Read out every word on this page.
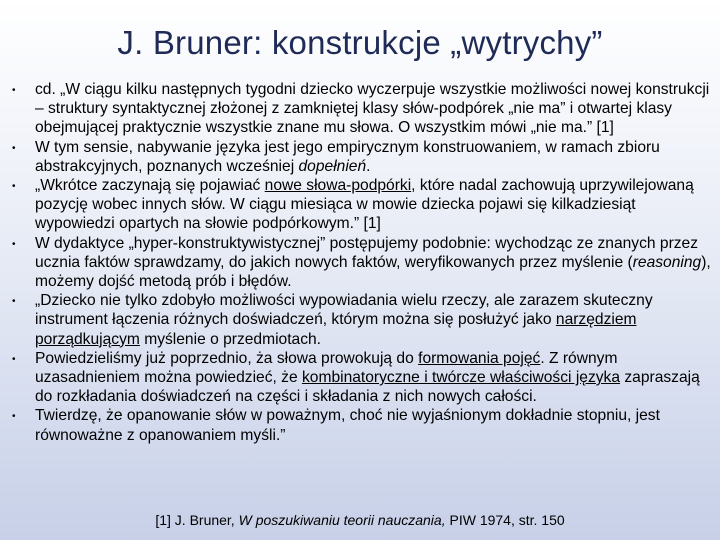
J. Bruner: konstrukcje „wytrychy”
• cd. „W ciągu kilku następnych tygodni dziecko wyczerpuje wszystkie możliwości nowej konstrukcji – struktury syntaktycznej złożonej z zamkniętej klasy słów-podpórek „nie ma” i otwartej klasy obejmującej praktycznie wszystkie znane mu słowa. O wszystkim mówi „nie ma.” [1]
• W tym sensie, nabywanie języka jest jego empirycznym konstruowaniem, w ramach zbioru abstrakcyjnych, poznanych wcześniej dopełnień.
• „Wkrótce zaczynają się pojawiać nowe słowa-podpórki, które nadal zachowują uprzywilejowaną pozycję wobec innych słów. W ciągu miesiąca w mowie dziecka pojawi się kilkadziesiąt wypowiedzi opartych na słowie podpórkowym.” [1]
• W dydaktyce „hyper-konstruktywistycznej” postępujemy podobnie: wychodząc ze znanych przez ucznia faktów sprawdzamy, do jakich nowych faktów, weryfikowanych przez myślenie (reasoning), możemy dojść metodą prób i błędów.
• „Dziecko nie tylko zdobyło możliwości wypowiadania wielu rzeczy, ale zarazem skuteczny instrument łączenia różnych doświadczeń, którym można się posłużyć jako narzędziem porządkującym myślenie o przedmiotach.
• Powiedzieliśmy już poprzednio, ża słowa prowokują do formowania pojęć. Z równym uzasadnieniem można powiedzieć, że kombinatoryczne i twórcze właściwości języka zapraszają do rozkładania doświadczeń na części i składania z nich nowych całości.
• Twierdzę, że opanowanie słów w poważnym, choć nie wyjaśnionym dokładnie stopniu, jest równoważne z opanowaniem myśli.”
[1] J. Bruner, W poszukiwaniu teorii nauczania, PIW 1974, str. 150
